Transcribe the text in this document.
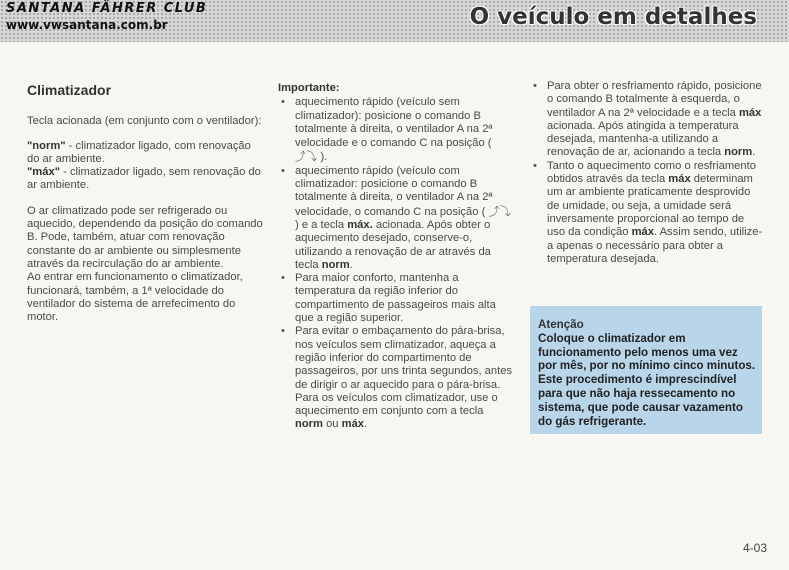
SANTANA FÄHRER CLUB
www.vwsantana.com.br	O veículo em detalhes
Climatizador

Tecla acionada (em conjunto com o ventilador):

"norm" - climatizador ligado, com renovação do ar ambiente.

"máx" - climatizador ligado, sem renovação do ar ambiente.

O ar climatizado pode ser refrigerado ou aquecido, dependendo da posição do comando B. Pode, também, atuar com renovação constante do ar ambiente ou simplesmente através da recirculação do ar ambiente.

Ao entrar em funcionamento o climatizador, funcionará, também, a 1ª velocidade do ventilador do sistema de arrefecimento do motor.

Importante:
• aquecimento rápido (veículo sem climatizador): posicione o comando B totalmente à direita, o ventilador A na 2ª velocidade e o comando C na posição ( ⤴⤵ ).
• aquecimento rápido (veículo com climatizador: posicione o comando B totalmente à direita, o ventilador A na 2ª velocidade, o comando C na posição ( ⤴⤵ ) e a tecla máx. acionada. Após obter o aquecimento desejado, conserve-o, utilizando a renovação de ar através da tecla norm.
• Para maior conforto, mantenha a temperatura da região inferior do compartimento de passageiros mais alta que a região superior.
• Para evitar o embaçamento do pára-brisa, nos veículos sem climatizador, aqueça a região inferior do compartimento de passageiros, por uns trinta segundos, antes de dirigir o ar aquecido para o pára-brisa. Para os veículos com climatizador, use o aquecimento em conjunto com a tecla norm ou máx.
• Para obter o resfriamento rápido, posicione o comando B totalmente à esquerda, o ventilador A na 2ª velocidade e a tecla máx acionada. Após atingida a temperatura desejada, mantenha-a utilizando a renovação de ar, acionando a tecla norm.
• Tanto o aquecimento como o resfriamento obtidos através da tecla máx determinam um ar ambiente praticamente desprovido de umidade, ou seja, a umidade será inversamente proporcional ao tempo de uso da condição máx. Assim sendo, utilize-a apenas o necessário para obter a temperatura desejada.
Atenção
Coloque o climatizador em funcionamento pelo menos uma vez por mês, por no mínimo cinco minutos. Este procedimento é imprescindível para que não haja ressecamento no sistema, que pode causar vazamento do gás refrigerante.
4-03
